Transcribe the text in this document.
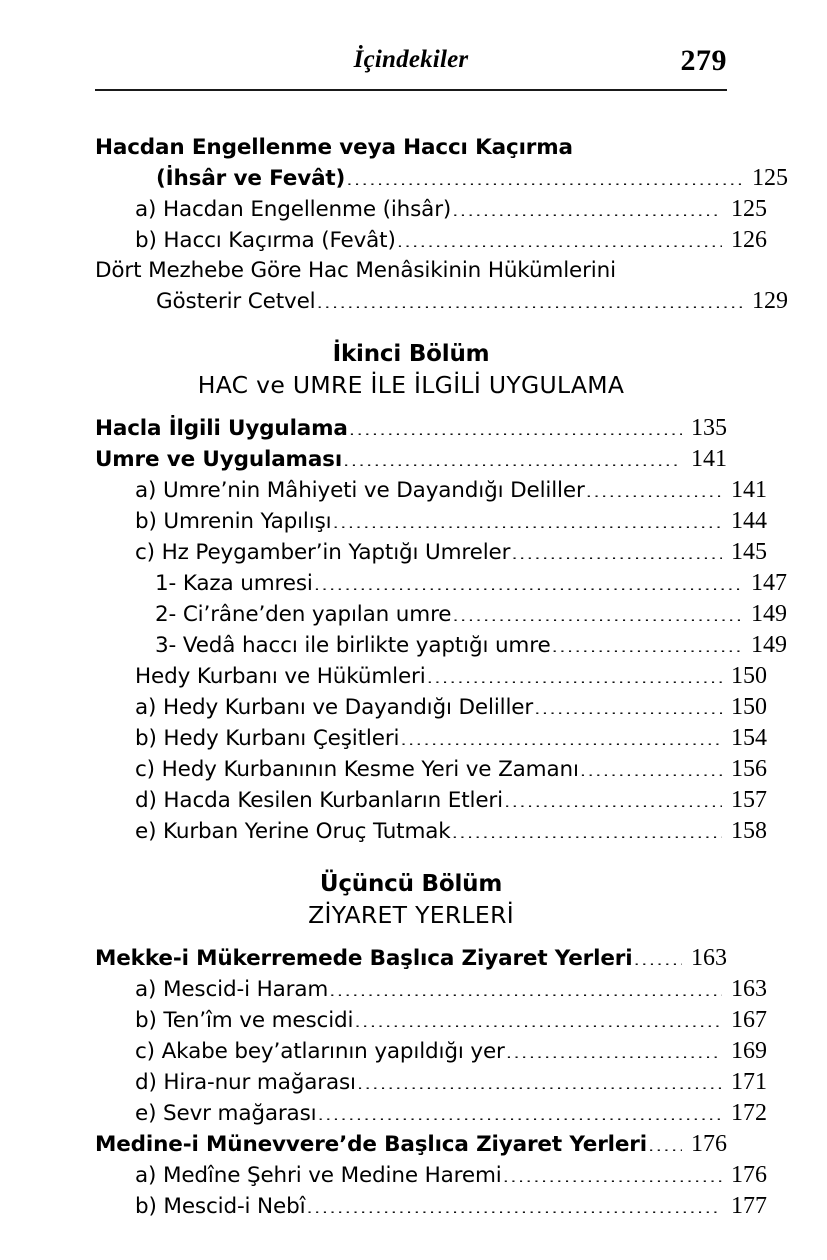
İçindekiler	279
Hacdan Engellenme veya Haccı Kaçırma
(İhsâr ve Fevât) .....	125
a) Hacdan Engellenme (ihsâr) .....	125
b) Haccı Kaçırma (Fevât) .....	126
Dört Mezhebe Göre Hac Menâsikinin Hükümlerini
Gösterir Cetvel .....	129
İkinci Bölüm
HAC ve UMRE İLE İLGİLİ UYGULAMA
Hacla İlgili Uygulama .....	135
Umre ve Uygulaması .....	141
a) Umre’nin Mâhiyeti ve Dayandığı Deliller .....	141
b) Umrenin Yapılışı .....	144
c) Hz Peygamber’in Yaptığı Umreler .....	145
1- Kaza umresi .....	147
2- Ci’râne’den yapılan umre .....	149
3- Vedâ haccı ile birlikte yaptığı umre .....	149
Hedy Kurbanı ve Hükümleri .....	150
a) Hedy Kurbanı ve Dayandığı Deliller .....	150
b) Hedy Kurbanı Çeşitleri .....	154
c) Hedy Kurbanının Kesme Yeri ve Zamanı .....	156
d) Hacda Kesilen Kurbanların Etleri .....	157
e) Kurban Yerine Oruç Tutmak .....	158
Üçüncü Bölüm
ZİYARET YERLERİ
Mekke-i Mükerremede Başlıca Ziyaret Yerleri .....	163
a) Mescid-i Haram .....	163
b) Ten’îm ve mescidi .....	167
c) Akabe bey’atlarının yapıldığı yer .....	169
d) Hira-nur mağarası .....	171
e) Sevr mağarası .....	172
Medine-i Münevvere’de Başlıca Ziyaret Yerleri .....	176
a) Medîne Şehri ve Medine Haremi .....	176
b) Mescid-i Nebî .....	177
